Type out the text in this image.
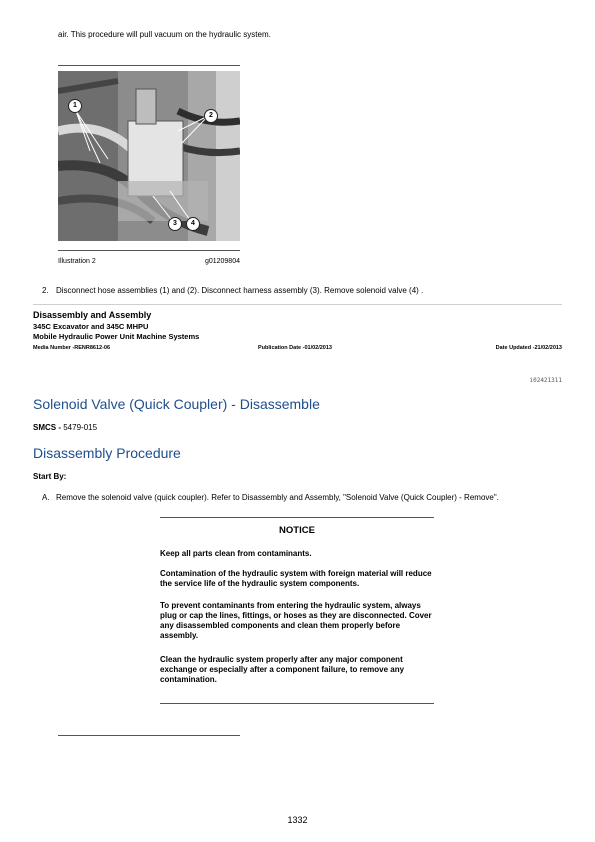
air. This procedure will pull vacuum on the hydraulic system.
1
2
3	4
Illustration 2	g01209804
2. Disconnect hose assemblies (1) and (2). Disconnect harness assembly (3). Remove solenoid valve (4) .
Disassembly and Assembly
345C Excavator and 345C MHPU
Mobile Hydraulic Power Unit Machine Systems
Media Number -RENR8612-06	Publication Date -01/02/2013	Date Updated -21/02/2013
i02421311
Solenoid Valve (Quick Coupler) - Disassemble
SMCS - 5479-015
Disassembly Procedure
Start By:
A. Remove the solenoid valve (quick coupler). Refer to Disassembly and Assembly, "Solenoid Valve (Quick Coupler) - Remove".
NOTICE
Keep all parts clean from contaminants.
Contamination of the hydraulic system with foreign material will reduce the service life of the hydraulic system components.
To prevent contaminants from entering the hydraulic system, always plug or cap the lines, fittings, or hoses as they are disconnected. Cover any disassembled components and clean them properly before assembly.
Clean the hydraulic system properly after any major component exchange or especially after a component failure, to remove any contamination.
1332
